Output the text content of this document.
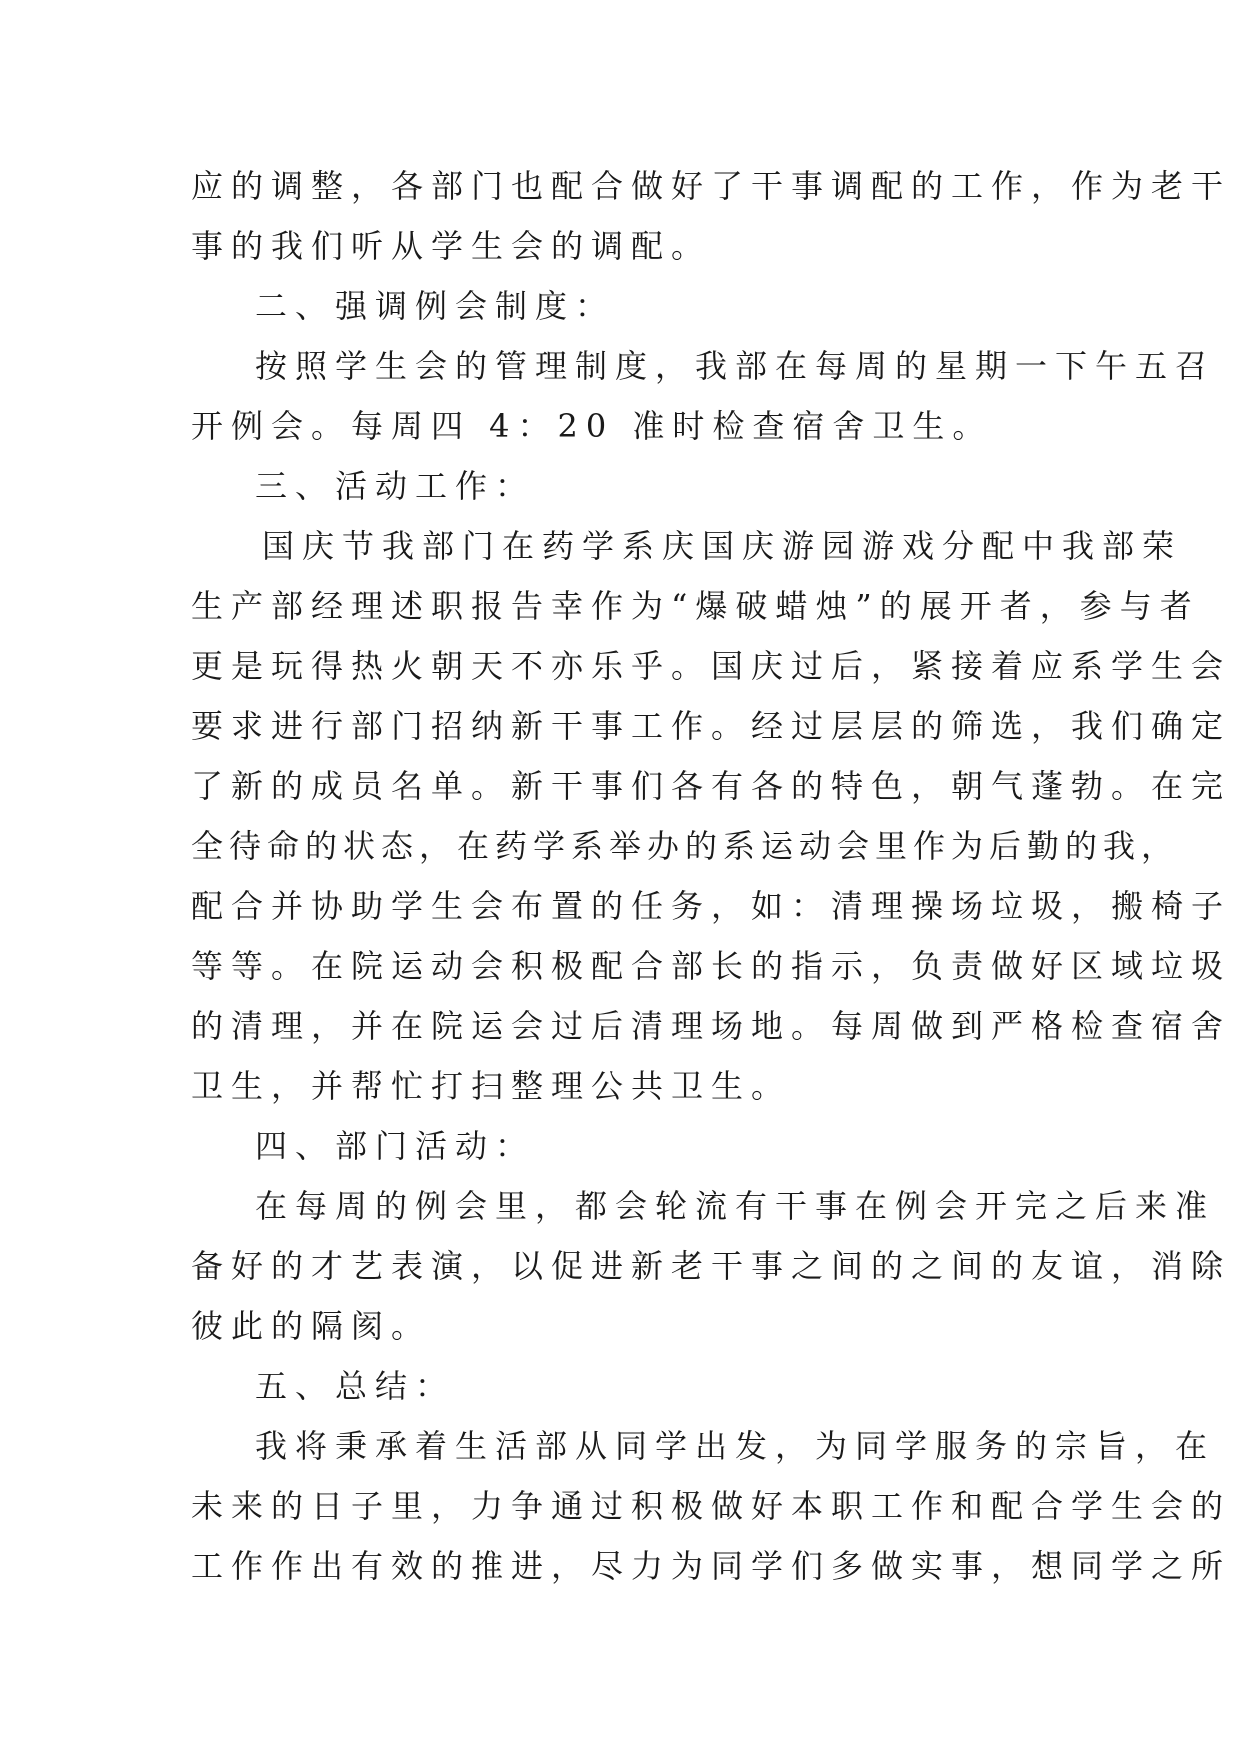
应的调整，各部门也配合做好了干事调配的工作，作为老干

事的我们听从学生会的调配。

二、强调例会制度：

按照学生会的管理制度，我部在每周的星期一下午五召

开例会。每周四 4：20 准时检查宿舍卫生。

三、活动工作：

国庆节我部门在药学系庆国庆游园游戏分配中我部荣

生产部经理述职报告幸作为“爆破蜡烛”的展开者，参与者

更是玩得热火朝天不亦乐乎。国庆过后，紧接着应系学生会

要求进行部门招纳新干事工作。经过层层的筛选，我们确定

了新的成员名单。新干事们各有各的特色，朝气蓬勃。在完

全待命的状态，在药学系举办的系运动会里作为后勤的我，

配合并协助学生会布置的任务，如：清理操场垃圾，搬椅子

等等。在院运动会积极配合部长的指示，负责做好区域垃圾

的清理，并在院运会过后清理场地。每周做到严格检查宿舍

卫生，并帮忙打扫整理公共卫生。

四、部门活动：

在每周的例会里，都会轮流有干事在例会开完之后来准

备好的才艺表演，以促进新老干事之间的之间的友谊，消除

彼此的隔阂。

五、总结：

我将秉承着生活部从同学出发，为同学服务的宗旨，在

未来的日子里，力争通过积极做好本职工作和配合学生会的

工作作出有效的推进，尽力为同学们多做实事，想同学之所
